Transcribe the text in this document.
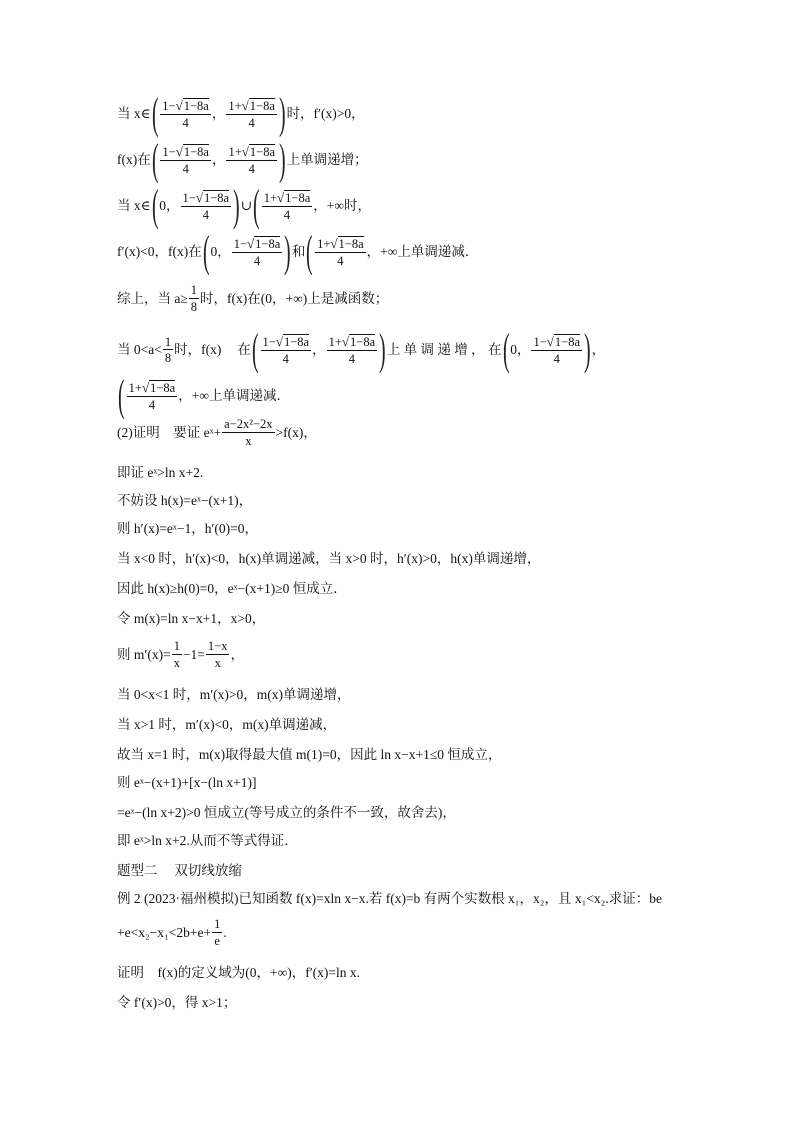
当 x∈ ( $\frac{1-√1-8a}{4}$ ， $\frac{1+√1-8a}{4}$ ) 时，f′(x)>0，
f(x)在 ( $\frac{1-√1-8a}{4}$ ， $\frac{1+√1-8a}{4}$ ) 上单调递增；
当 x∈ ( 0， $\frac{1-√1-8a}{4}$ ) ∪ ( $\frac{1+√1-8a}{4}$ ，+∞时，
f′(x)<0，f(x)在 ( 0， $\frac{1-√1-8a}{4}$ ) 和 ( $\frac{1+√1-8a}{4}$ ，+∞上单调递减．
综上，当 $a\ge \frac{1}{8}$ 时，f(x)在(0，+∞)上是减函数；
当 $0<a< \frac{1}{8}$ 时，f(x) 在 ( $\frac{1-√1-8a}{4}$ ， $\frac{1+√1-8a}{4}$ ) 上 单 调 递 增 ， 在 ( 0， $\frac{1-√1-8a}{4}$ ) ，
( $\frac{1+√1-8a}{4}$ ，+∞上单调递减．
(2)证明　要证 eˣ+ $\frac{\text{a−2x²−2x}}{x} >f(x)$，
即证 eˣ>ln x+2.
不妨设 h(x)=eˣ−(x+1)，
则 h′(x)=eˣ−1，h′(0)=0，
当 x<0 时，h′(x)<0，h(x)单调递减，当 x>0 时，h′(x)>0，h(x)单调递增，
因此 h(x)≥h(0)=0，eˣ−(x+1)≥0 恒成立．
令 m(x)=ln x−x+1，x>0，
则 $m'(x)= \frac{1}{x} -1= \frac{1-x}{x}$ ，
当 0<x<1 时，m′(x)>0，m(x)单调递增，
当 x>1 时，m′(x)<0，m(x)单调递减，
故当 x=1 时，m(x)取得最大值 m(1)=0，因此 ln x−x+1≤0 恒成立，
则 eˣ−(x+1)+[x−(ln x+1)]
=eˣ−(ln x+2)>0 恒成立(等号成立的条件不一致，故舍去)，
即 eˣ>ln x+2.从而不等式得证．
题型二　 双切线放缩
例 2 (2023·福州模拟)已知函数 f(x)=xln x−x.若 f(x)=b 有两个实数根 x₁，x₂，且 x₁<x₂.求证：be
$+e<x_2-x_1<2b+e+ \frac{1}{e}$ .
证明　f(x)的定义域为(0，+∞)，f′(x)=ln x.
令 f′(x)>0，得 x>1；
